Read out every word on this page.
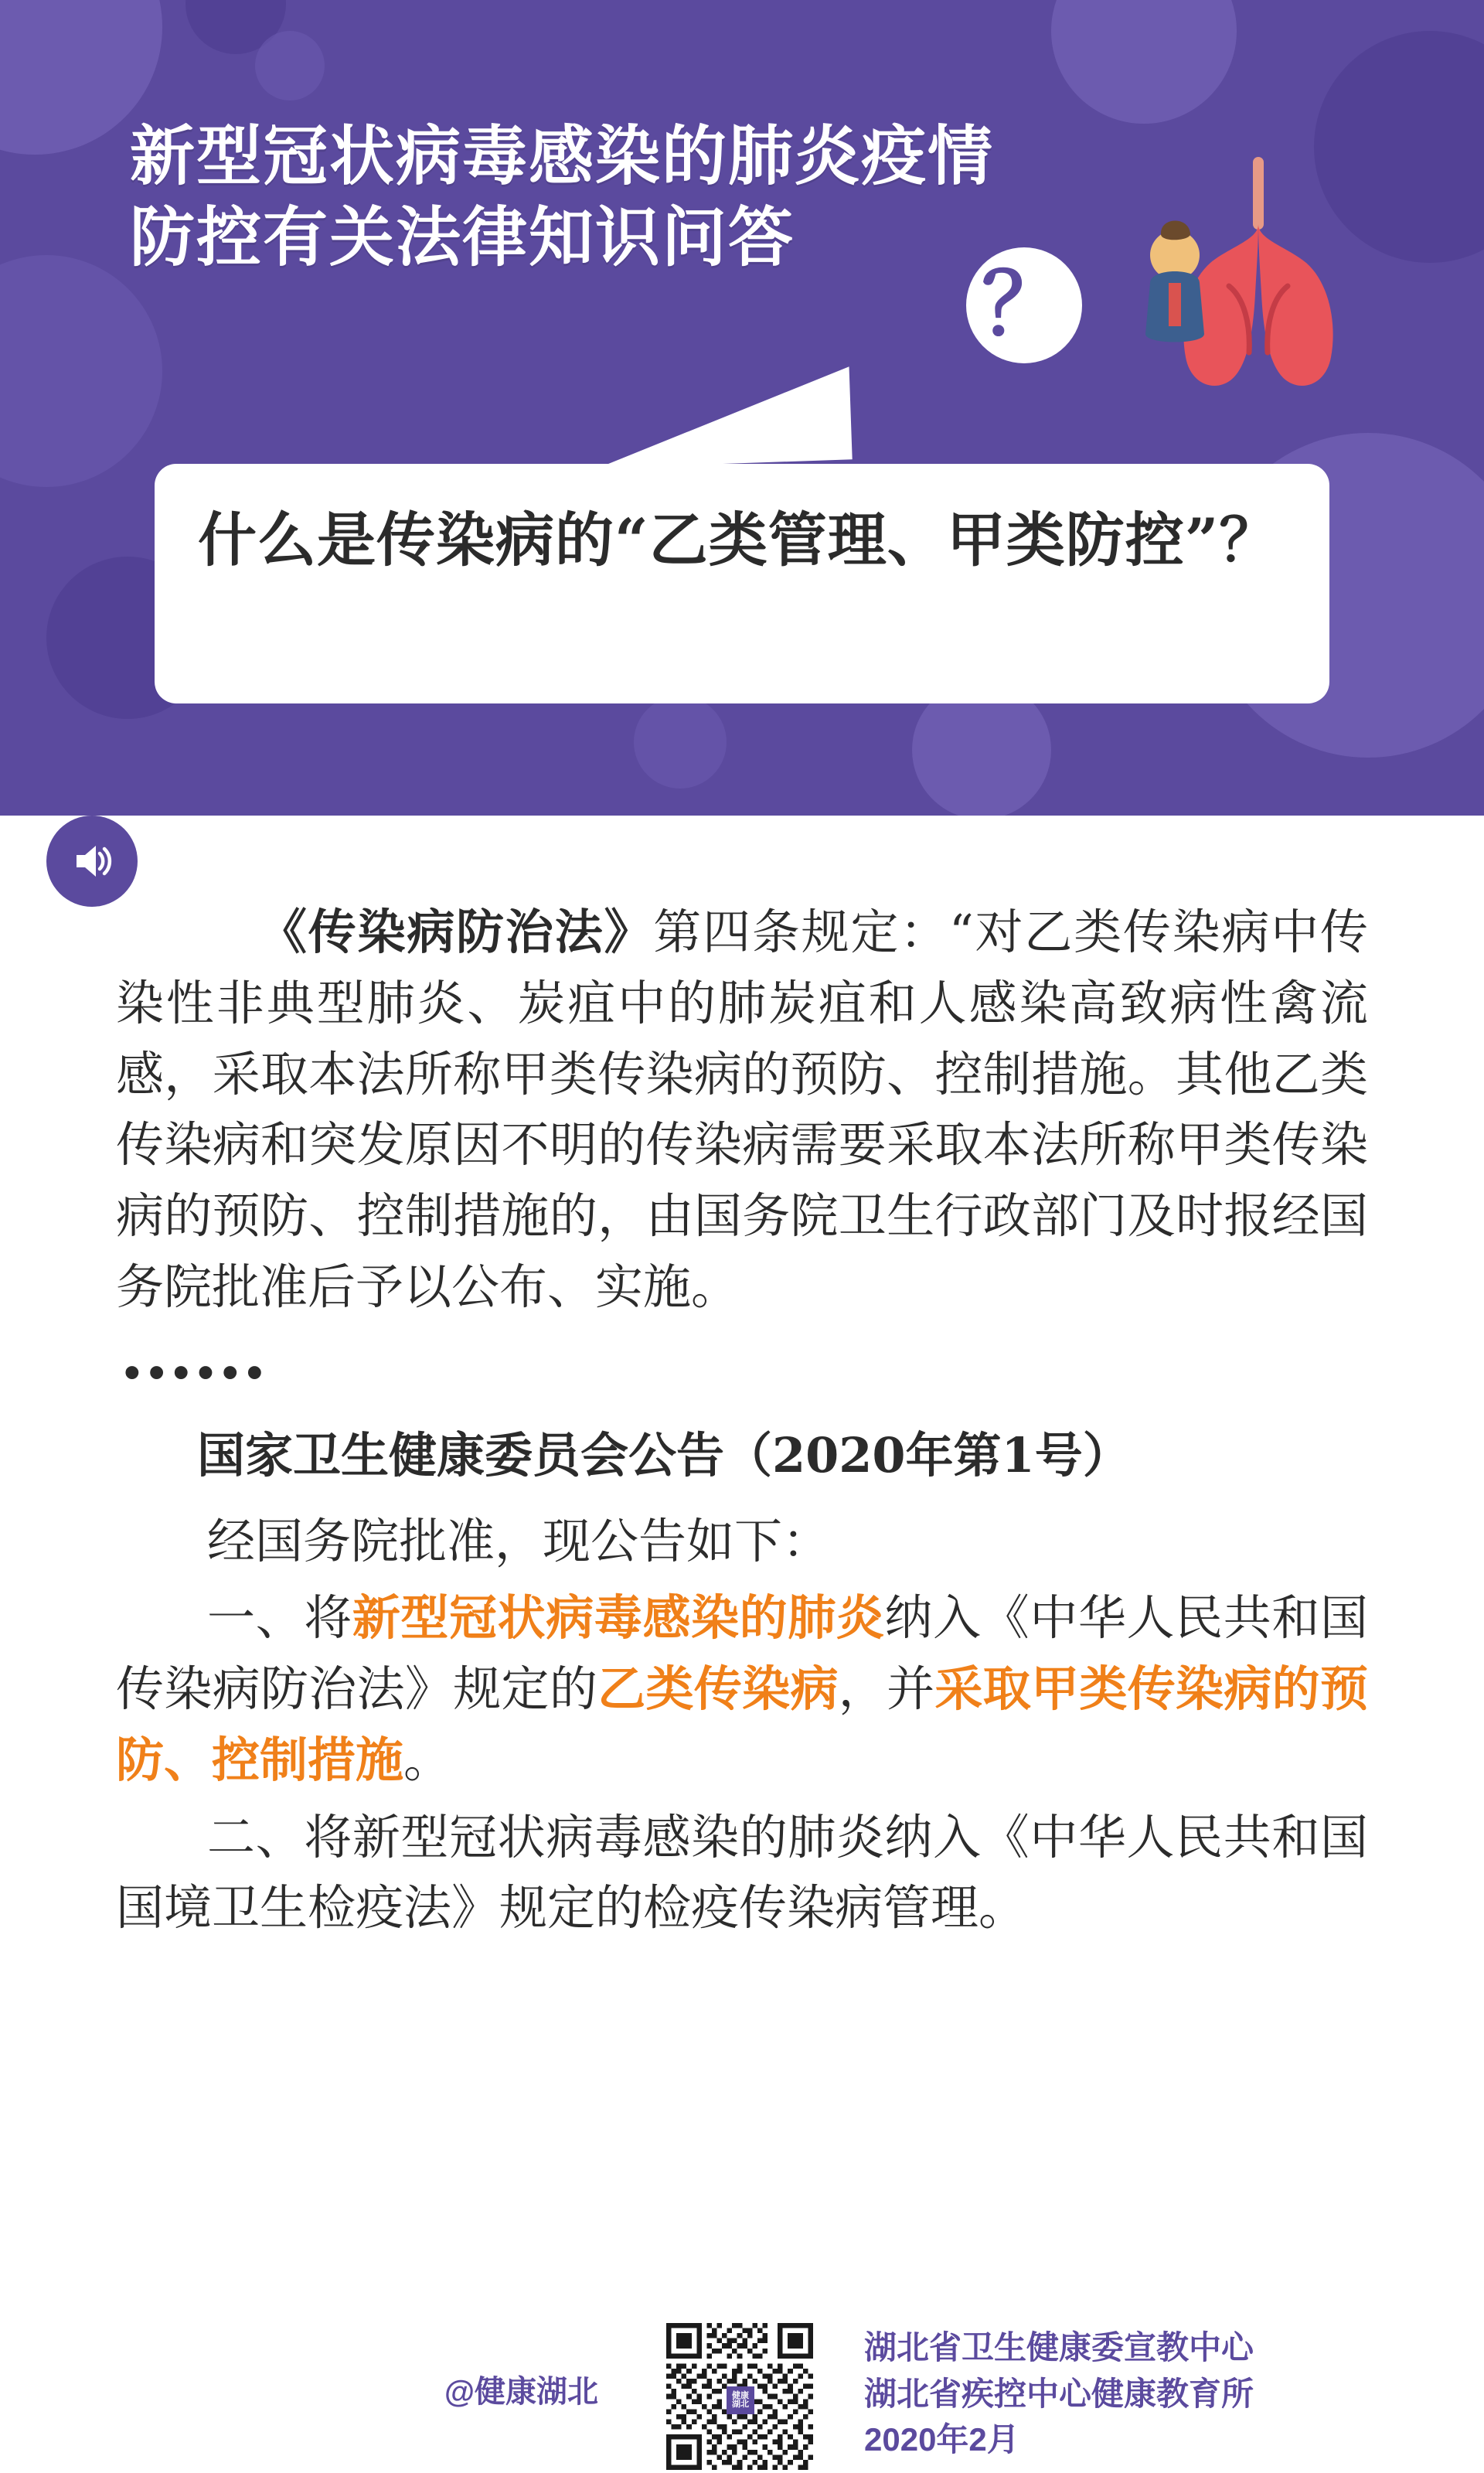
新型冠状病毒感染的肺炎疫情
防控有关法律知识问答
？
什么是传染病的“乙类管理、甲类防控”？
《传染病防治法》第四条规定：“对乙类传染病中传染性非典型肺炎、炭疽中的肺炭疽和人感染高致病性禽流感，采取本法所称甲类传染病的预防、控制措施。其他乙类传染病和突发原因不明的传染病需要采取本法所称甲类传染病的预防、控制措施的，由国务院卫生行政部门及时报经国务院批准后予以公布、实施。
••••••
国家卫生健康委员会公告（2020年第1号）
经国务院批准，现公告如下：
一、将新型冠状病毒感染的肺炎纳入《中华人民共和国传染病防治法》规定的乙类传染病，并采取甲类传染病的预防、控制措施。
二、将新型冠状病毒感染的肺炎纳入《中华人民共和国国境卫生检疫法》规定的检疫传染病管理。
@健康湖北	健康
湖北
湖北省卫生健康委宣教中心
湖北省疾控中心健康教育所
2020年2月
